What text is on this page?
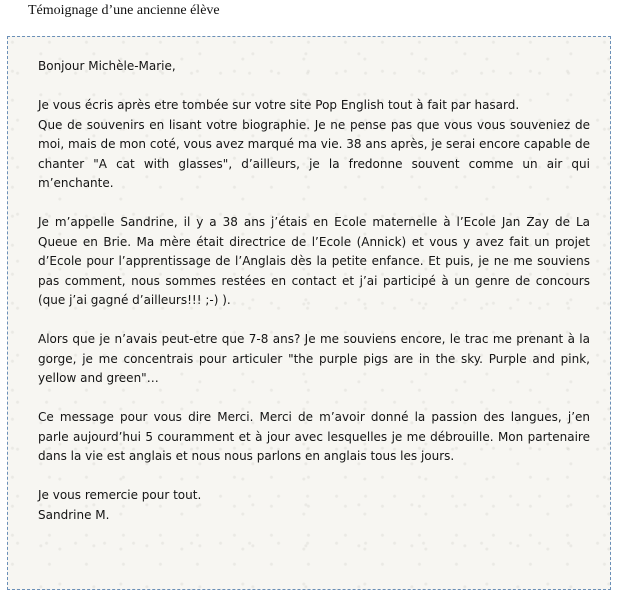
Témoignage d’une ancienne élève

Bonjour Michèle-Marie,

Je vous écris après etre tombée sur votre site Pop English tout à fait par hasard.
Que de souvenirs en lisant votre biographie. Je ne pense pas que vous vous souveniez de moi, mais de mon coté, vous avez marqué ma vie. 38 ans après, je serai encore capable de chanter "A cat with glasses", d’ailleurs, je la fredonne souvent comme un air qui m’enchante.

Je m’appelle Sandrine, il y a 38 ans j’étais en Ecole maternelle à l’Ecole Jan Zay de La Queue en Brie. Ma mère était directrice de l’Ecole (Annick) et vous y avez fait un projet d’Ecole pour l’apprentissage de l’Anglais dès la petite enfance. Et puis, je ne me souviens pas comment, nous sommes restées en contact et j’ai participé à un genre de concours (que j’ai gagné d’ailleurs!!! ;-) ).

Alors que je n’avais peut-etre que 7-8 ans? Je me souviens encore, le trac me prenant à la gorge, je me concentrais pour articuler "the purple pigs are in the sky. Purple and pink, yellow and green"…

Ce message pour vous dire Merci. Merci de m’avoir donné la passion des langues, j’en parle aujourd’hui 5 couramment et à jour avec lesquelles je me débrouille. Mon partenaire dans la vie est anglais et nous nous parlons en anglais tous les jours.

Je vous remercie pour tout.
Sandrine M.
